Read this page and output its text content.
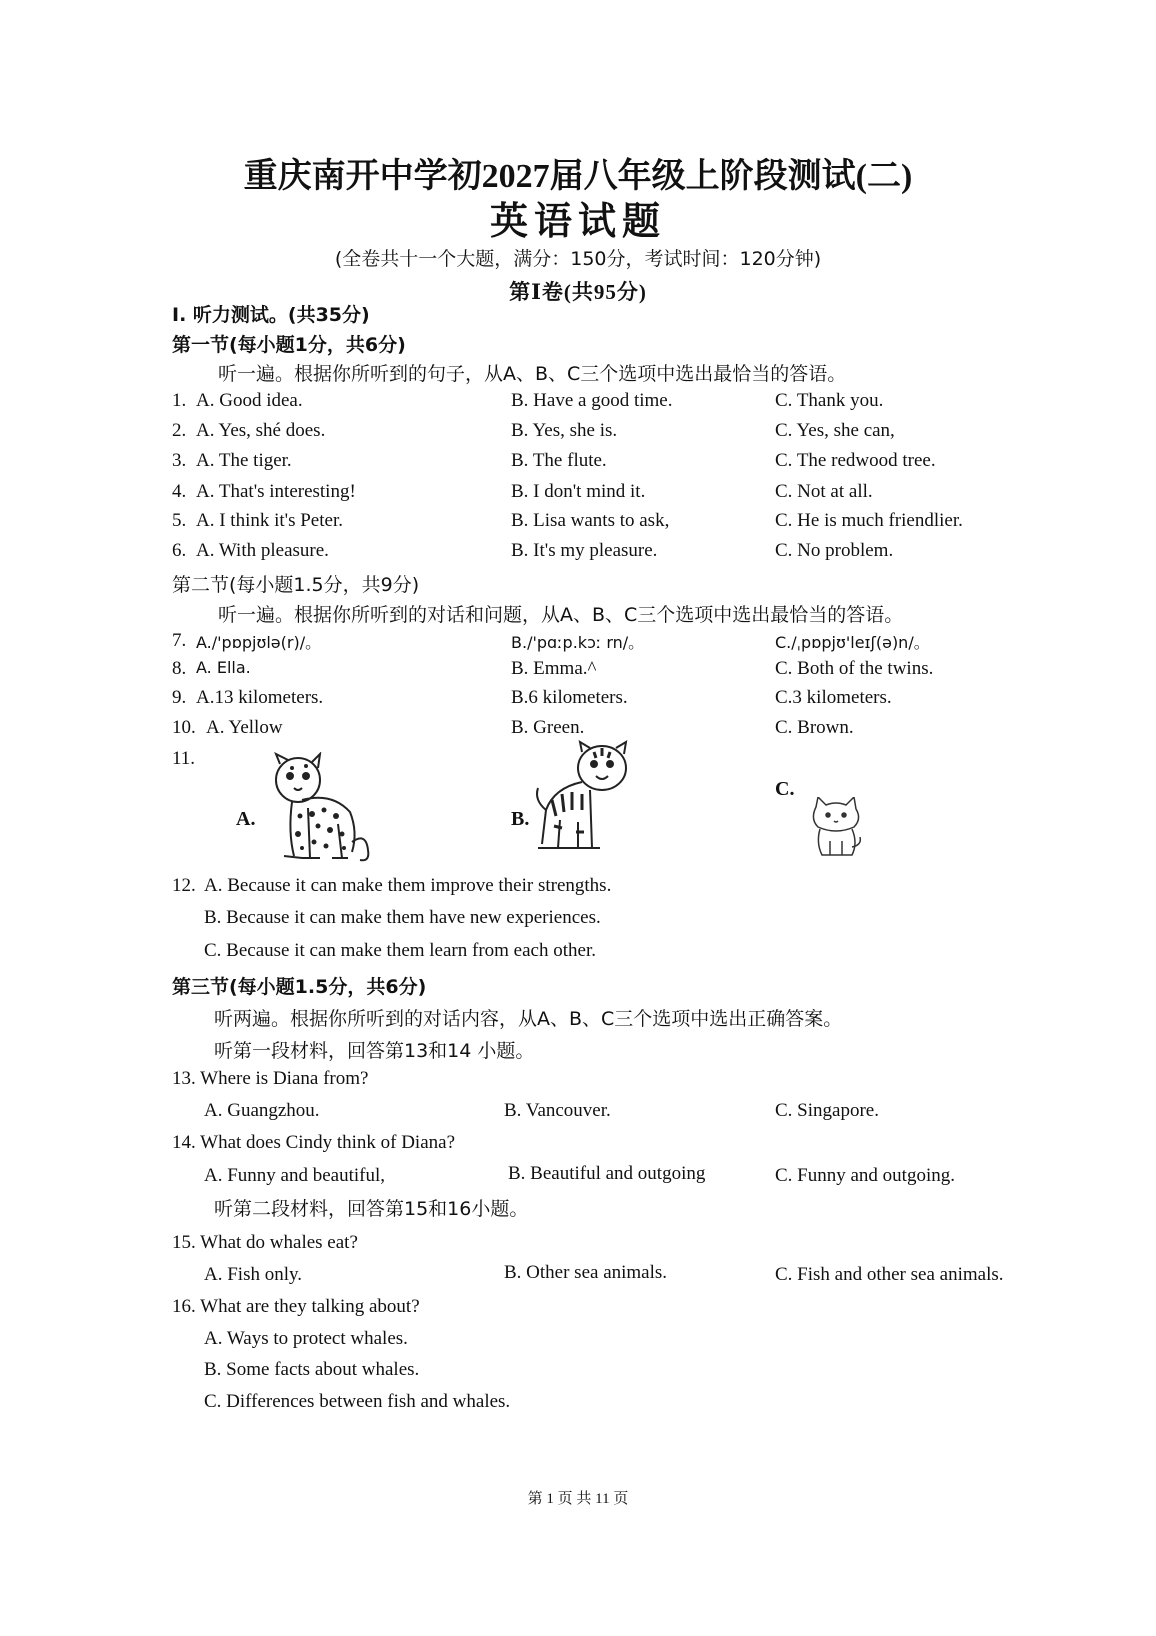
重庆南开中学初2027届八年级上阶段测试(二)
英语试题
(全卷共十一个大题，满分：150分，考试时间：120分钟)
第Ⅰ卷(共95分)
I. 听力测试。(共35分)
第一节(每小题1分，共6分)
听一遍。根据你所听到的句子，从A、B、C三个选项中选出最恰当的答语。
1. A. Good idea.	B. Have a good time.	C. Thank you.
2. A. Yes, shé does.	B. Yes, she is.	C. Yes, she can,
3. A. The tiger.	B. The flute.	C. The redwood tree.
4. A. That's interesting!	B. I don't mind it.	C. Not at all.
5. A. I think it's Peter.	B. Lisa wants to ask,	C. He is much friendlier.
6. A. With pleasure.	B. It's my pleasure.	C. No problem.
第二节(每小题1.5分，共9分)
听一遍。根据你所听到的对话和问题，从A、B、C三个选项中选出最恰当的答语。
7. A./'pɒpjʊlə(r)/。	B./'pɑːp.kɔː rn/。	C./ˌpɒpjʊ'leɪʃ(ə)n/。
8. A. Ella.	B. Emma.^	C. Both of the twins.
9. A.13 kilometers.	B.6 kilometers.	C.3 kilometers.
10. A. Yellow	B. Green.	C. Brown.
11.
A.	B.
C.
12. A. Because it can make them improve their strengths.
B. Because it can make them have new experiences.
C. Because it can make them learn from each other.
第三节(每小题1.5分，共6分)
听两遍。根据你所听到的对话内容，从A、B、C三个选项中选出正确答案。
听第一段材料，回答第13和14 小题。
13. Where is Diana from?
A. Guangzhou.	B. Vancouver.	C. Singapore.
14. What does Cindy think of Diana?
A. Funny and beautiful,	B. Beautiful and outgoing	C. Funny and outgoing.
听第二段材料，回答第15和16小题。
15. What do whales eat?
A. Fish only.	B. Other sea animals.	C. Fish and other sea animals.
16. What are they talking about?
A. Ways to protect whales.
B. Some facts about whales.
C. Differences between fish and whales.
第 1 页 共 11 页
